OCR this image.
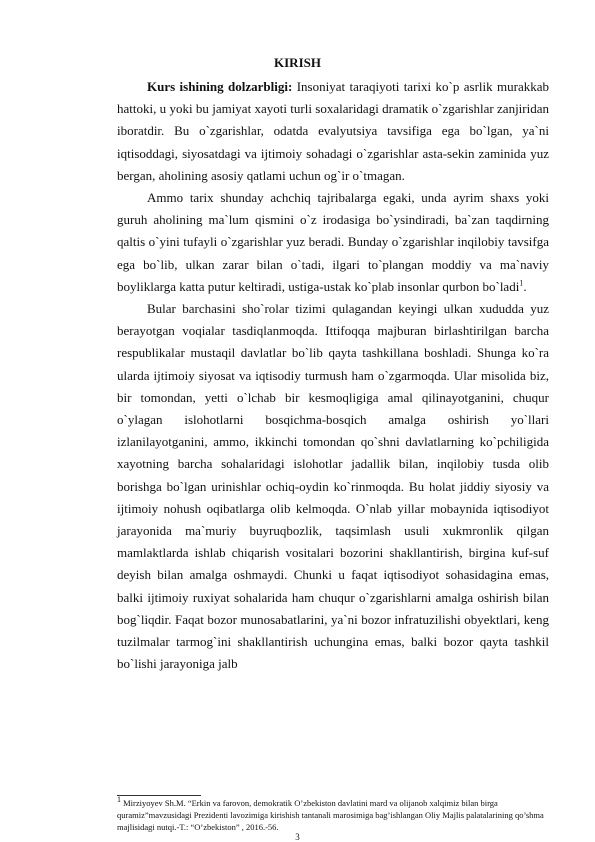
KIRISH

Kurs ishining dolzarbligi: Insoniyat taraqiyoti tarixi ko`p asrlik murakkab hattoki, u yoki bu jamiyat xayoti turli soxalaridagi dramatik o`zgarishlar zanjiridan iboratdir. Bu o`zgarishlar, odatda evalyutsiya tavsifiga ega bo`lgan, ya`ni iqtisoddagi, siyosatdagi va ijtimoiy sohadagi o`zgarishlar asta-sekin zaminida yuz bergan, aholining asosiy qatlami uchun og`ir o`tmagan.

Ammo tarix shunday achchiq tajribalarga egaki, unda ayrim shaxs yoki guruh aholining ma`lum qismini o`z irodasiga bo`ysindiradi, ba`zan taqdirning qaltis o`yini tufayli o`zgarishlar yuz beradi. Bunday o`zgarishlar inqilobiy tavsifga ega bo`lib, ulkan zarar bilan o`tadi, ilgari to`plangan moddiy va ma`naviy boyliklarga katta putur keltiradi, ustiga-ustak ko`plab insonlar qurbon bo`ladi$^1$.

Bular barchasini sho`rolar tizimi qulagandan keyingi ulkan xududda yuz berayotgan voqialar tasdiqlanmoqda. Ittifoqqa majburan birlashtirilgan barcha respublikalar mustaqil davlatlar bo`lib qayta tashkillana boshladi. Shunga ko`ra ularda ijtimoiy siyosat va iqtisodiy turmush ham o`zgarmoqda. Ular misolida biz, bir tomondan, yetti o`lchab bir kesmoqligiga amal qilinayotganini, chuqur o`ylagan islohotlarni bosqichma-bosqich amalga oshirish yo`llari izlanilayotganini, ammo, ikkinchi tomondan qo`shni davlatlarning ko`pchiligida xayotning barcha sohalaridagi islohotlar jadallik bilan, inqilobiy tusda olib borishga bo`lgan urinishlar ochiq-oydin ko`rinmoqda. Bu holat jiddiy siyosiy va ijtimoiy nohush oqibatlarga olib kelmoqda. O`nlab yillar mobaynida iqtisodiyot jarayonida ma`muriy buyruqbozlik, taqsimlash usuli xukmronlik qilgan mamlaktlarda ishlab chiqarish vositalari bozorini shakllantirish, birgina kuf-suf deyish bilan amalga oshmaydi. Chunki u faqat iqtisodiyot sohasidagina emas, balki ijtimoiy ruxiyat sohalarida ham chuqur o`zgarishlarni amalga oshirish bilan bog`liqdir. Faqat bozor munosabatlarini, ya`ni bozor infratuzilishi obyektlari, keng tuzilmalar tarmog`ini shakllantirish uchungina emas, balki bozor qayta tashkil bo`lishi jarayoniga jalb

$^1$ Mirziyoyev Sh.M. “Erkin va farovon, demokratik O’zbekiston davlatini mard va olijanob xalqimiz bilan birga quramiz”mavzusidagi Prezidenti lavozimiga kirishish tantanali marosimiga bag’ishlangan Oliy Majlis palatalarining qo’shma majlisidagi nutqi.-T.: “O’zbekiston” , 2016.-56.
3
